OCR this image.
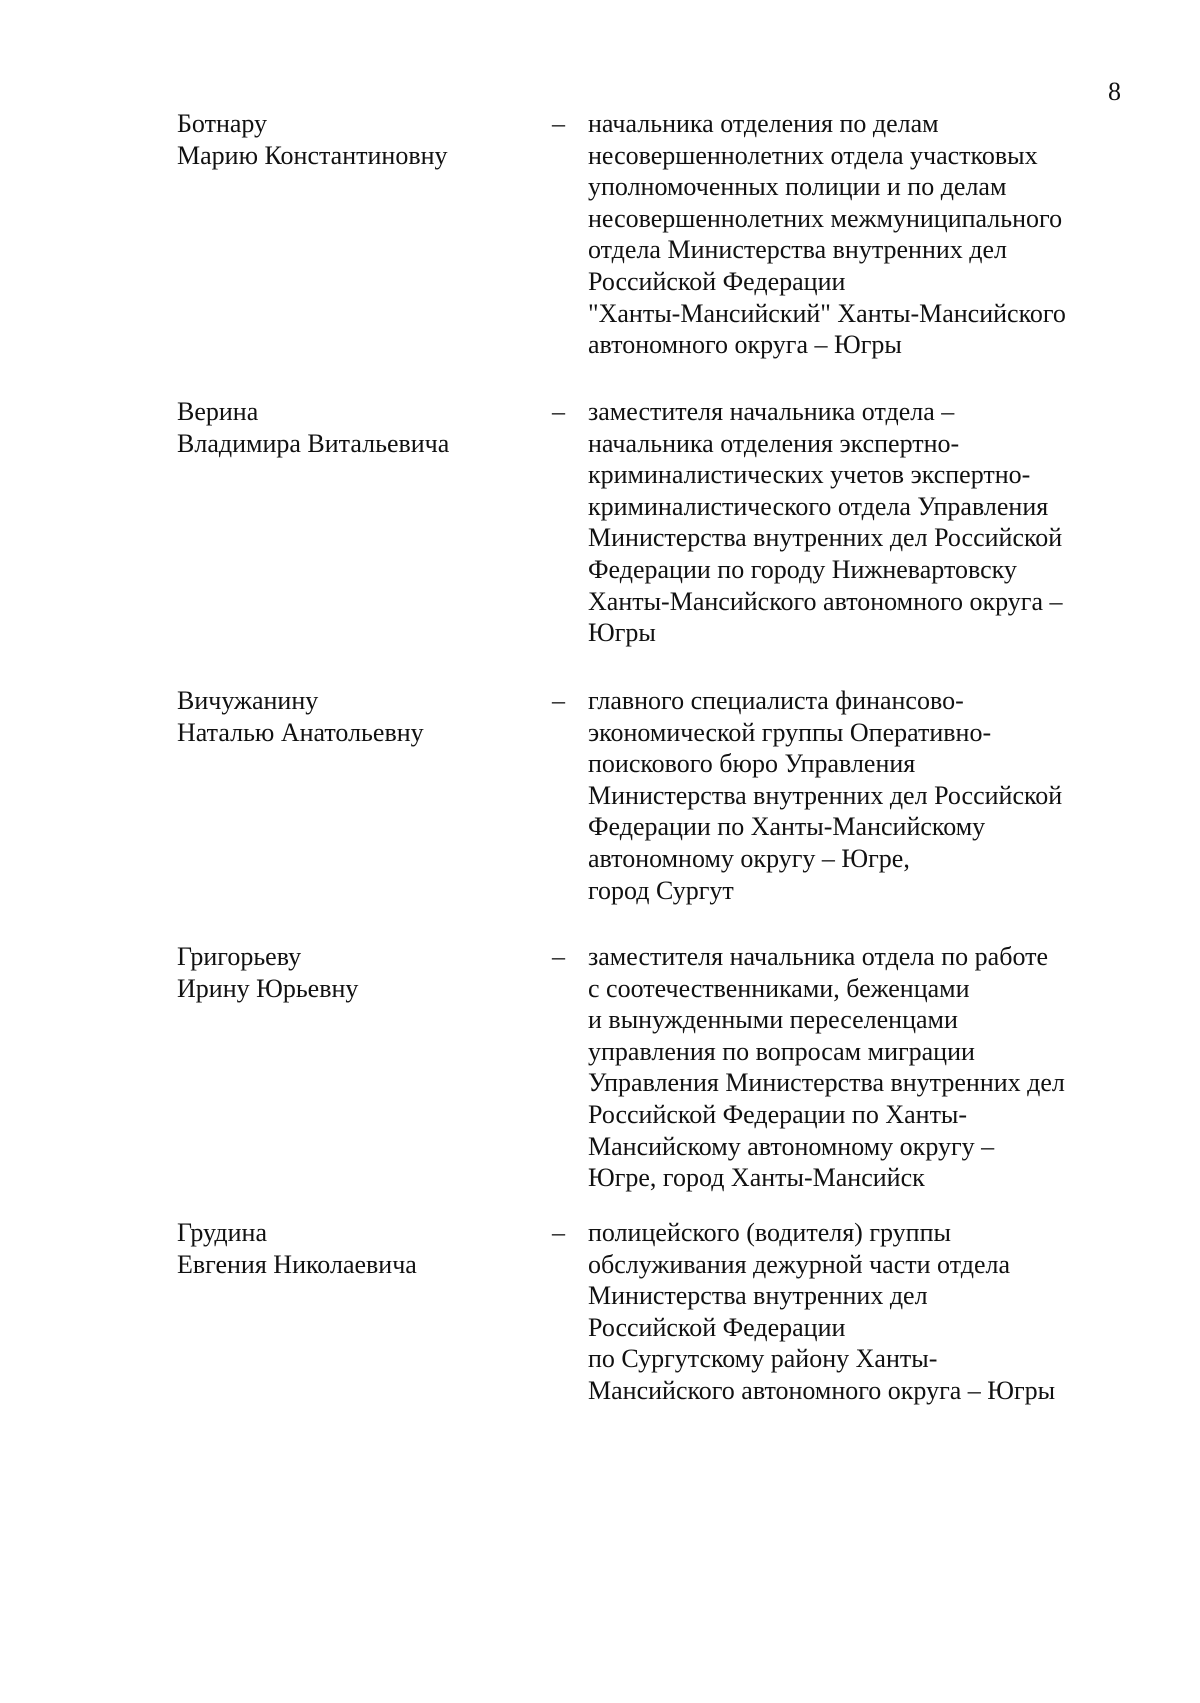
8
Ботнару
Марию Константиновну
– начальника отделения по делам
несовершеннолетних отдела участковых
уполномоченных полиции и по делам
несовершеннолетних межмуниципального
отдела Министерства внутренних дел
Российской Федерации
"Ханты-Мансийский" Ханты-Мансийского
автономного округа – Югры
Верина
Владимира Витальевича
– заместителя начальника отдела –
начальника отделения экспертно-
криминалистических учетов экспертно-
криминалистического отдела Управления
Министерства внутренних дел Российской
Федерации по городу Нижневартовску
Ханты-Мансийского автономного округа –
Югры
Вичужанину
Наталью Анатольевну
– главного специалиста финансово-
экономической группы Оперативно-
поискового бюро Управления
Министерства внутренних дел Российской
Федерации по Ханты-Мансийскому
автономному округу – Югре,
город Сургут
Григорьеву
Ирину Юрьевну
– заместителя начальника отдела по работе
с соотечественниками, беженцами
и вынужденными переселенцами
управления по вопросам миграции
Управления Министерства внутренних дел
Российской Федерации по Ханты-
Мансийскому автономному округу –
Югре, город Ханты-Мансийск
Грудина
Евгения Николаевича
– полицейского (водителя) группы
обслуживания дежурной части отдела
Министерства внутренних дел
Российской Федерации
по Сургутскому району Ханты-
Мансийского автономного округа – Югры
